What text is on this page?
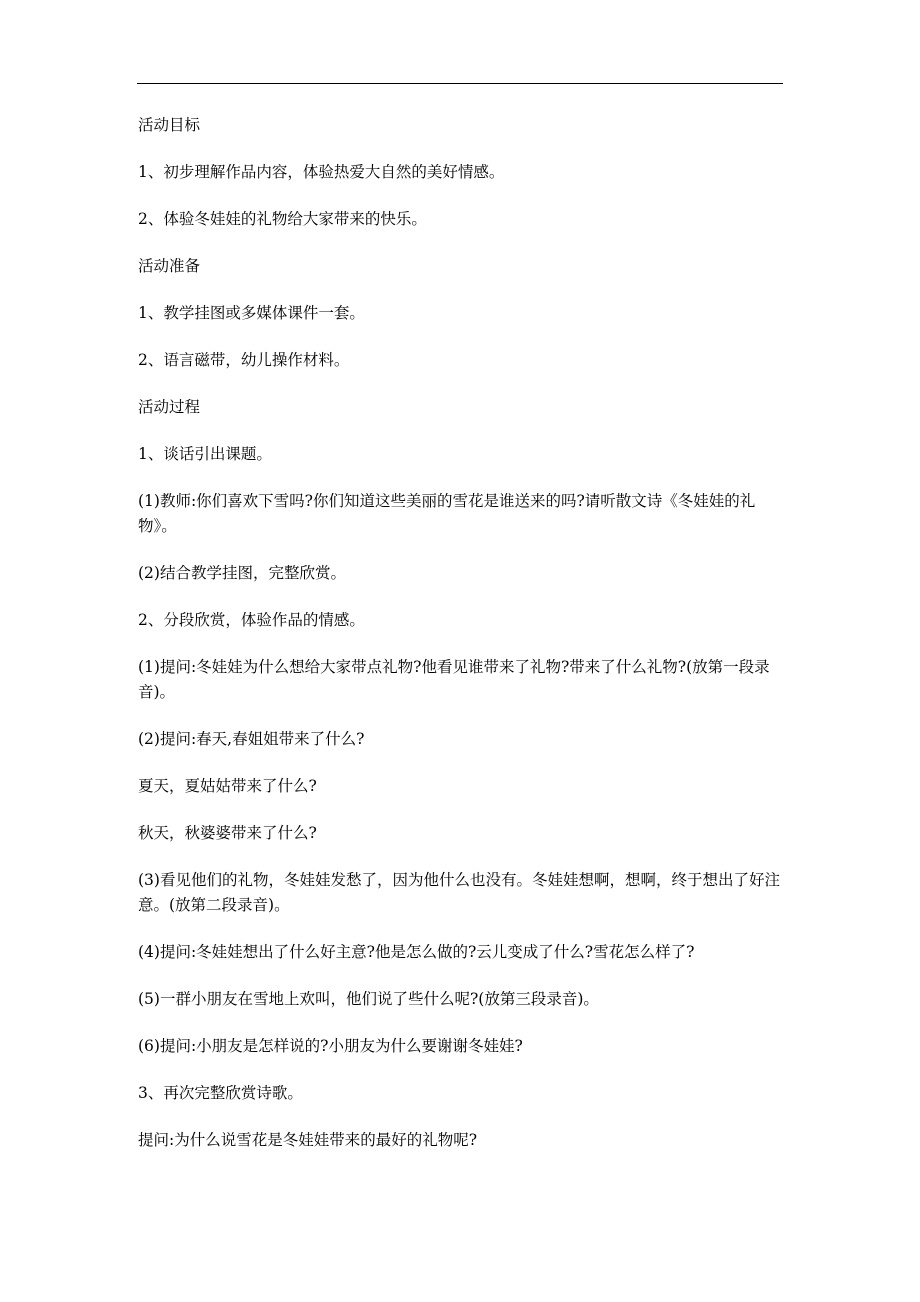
活动目标

1、初步理解作品内容，体验热爱大自然的美好情感。

2、体验冬娃娃的礼物给大家带来的快乐。

活动准备

1、教学挂图或多媒体课件一套。

2、语言磁带，幼儿操作材料。

活动过程

1、谈话引出课题。

(1)教师:你们喜欢下雪吗?你们知道这些美丽的雪花是谁送来的吗?请听散文诗《冬娃娃的礼物》。

(2)结合教学挂图，完整欣赏。

2、分段欣赏，体验作品的情感。

(1)提问:冬娃娃为什么想给大家带点礼物?他看见谁带来了礼物?带来了什么礼物?(放第一段录音)。

(2)提问:春天,春姐姐带来了什么?

夏天，夏姑姑带来了什么?

秋天，秋婆婆带来了什么?

(3)看见他们的礼物，冬娃娃发愁了，因为他什么也没有。冬娃娃想啊，想啊，终于想出了好注意。(放第二段录音)。

(4)提问:冬娃娃想出了什么好主意?他是怎么做的?云儿变成了什么?雪花怎么样了?

(5)一群小朋友在雪地上欢叫，他们说了些什么呢?(放第三段录音)。

(6)提问:小朋友是怎样说的?小朋友为什么要谢谢冬娃娃?

3、再次完整欣赏诗歌。

提问:为什么说雪花是冬娃娃带来的最好的礼物呢?
